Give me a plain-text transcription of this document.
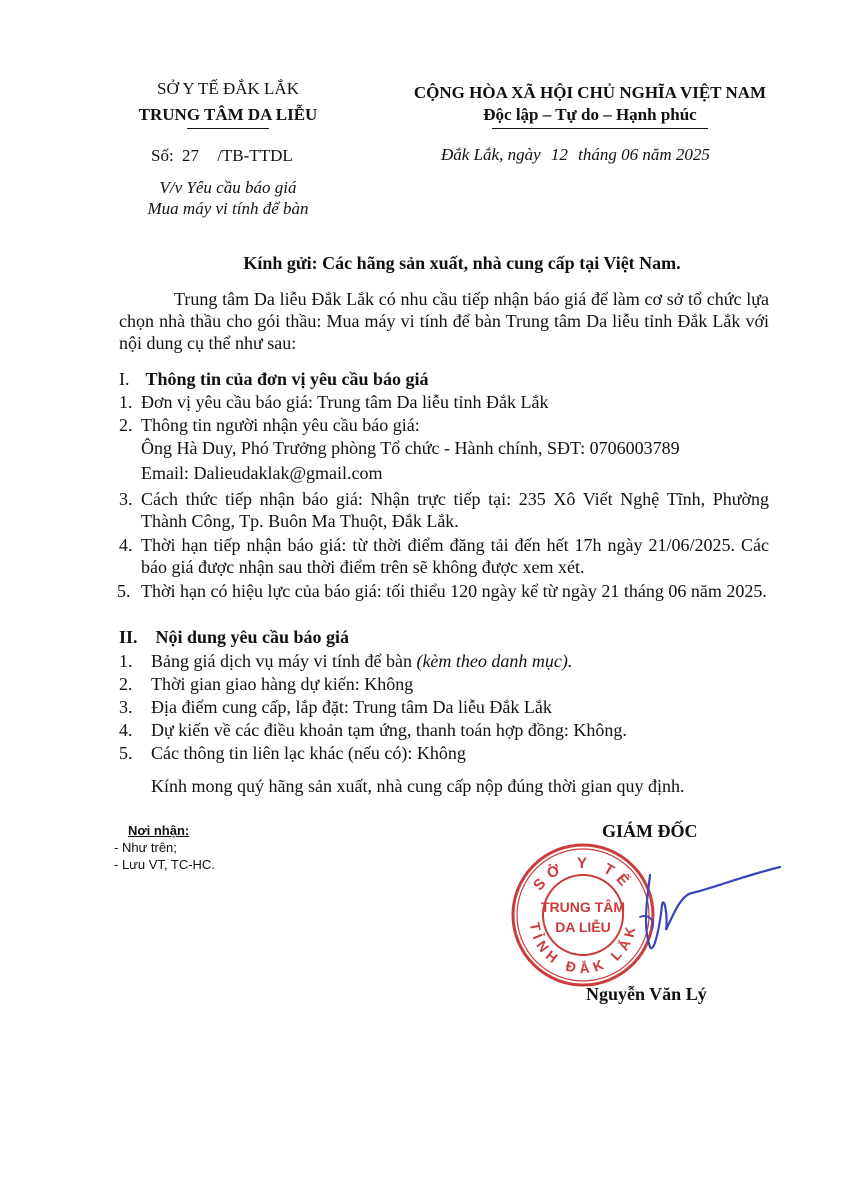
SỞ Y TẾ ĐẮK LẮK
TRUNG TÂM DA LIỄU
Số: 27 /TB-TTDL
V/v Yêu cầu báo giá
Mua máy vi tính để bàn
CỘNG HÒA XÃ HỘI CHỦ NGHĨA VIỆT NAM
Độc lập – Tự do – Hạnh phúc
Đắk Lắk, ngày 12 tháng 06 năm 2025
Kính gửi: Các hãng sản xuất, nhà cung cấp tại Việt Nam.
Trung tâm Da liễu Đắk Lắk có nhu cầu tiếp nhận báo giá để làm cơ sở tổ chức lựa chọn nhà thầu cho gói thầu: Mua máy vi tính để bàn Trung tâm Da liễu tỉnh Đắk Lắk với nội dung cụ thể như sau:
I. Thông tin của đơn vị yêu cầu báo giá
1. Đơn vị yêu cầu báo giá: Trung tâm Da liễu tỉnh Đắk Lắk
2. Thông tin người nhận yêu cầu báo giá:
Ông Hà Duy, Phó Trưởng phòng Tổ chức - Hành chính, SĐT: 0706003789
Email: Dalieudaklak@gmail.com
3. Cách thức tiếp nhận báo giá: Nhận trực tiếp tại: 235 Xô Viết Nghệ Tĩnh, Phường Thành Công, Tp. Buôn Ma Thuột, Đắk Lắk.
4. Thời hạn tiếp nhận báo giá: từ thời điểm đăng tải đến hết 17h ngày 21/06/2025. Các báo giá được nhận sau thời điểm trên sẽ không được xem xét.
5. Thời hạn có hiệu lực của báo giá: tối thiểu 120 ngày kể từ ngày 21 tháng 06 năm 2025.
II. Nội dung yêu cầu báo giá
1. Bảng giá dịch vụ máy vi tính để bàn (kèm theo danh mục).
2. Thời gian giao hàng dự kiến: Không
3. Địa điểm cung cấp, lắp đặt: Trung tâm Da liễu Đắk Lắk
4. Dự kiến về các điều khoản tạm ứng, thanh toán hợp đồng: Không.
5. Các thông tin liên lạc khác (nếu có): Không
Kính mong quý hãng sản xuất, nhà cung cấp nộp đúng thời gian quy định.
Nơi nhận:
- Như trên;
- Lưu VT, TC-HC.
GIÁM ĐỐC
SỞ Y TẾ
TỈNH ĐẮK LẮK
TRUNG TÂM
DA LIỄU
Nguyễn Văn Lý
